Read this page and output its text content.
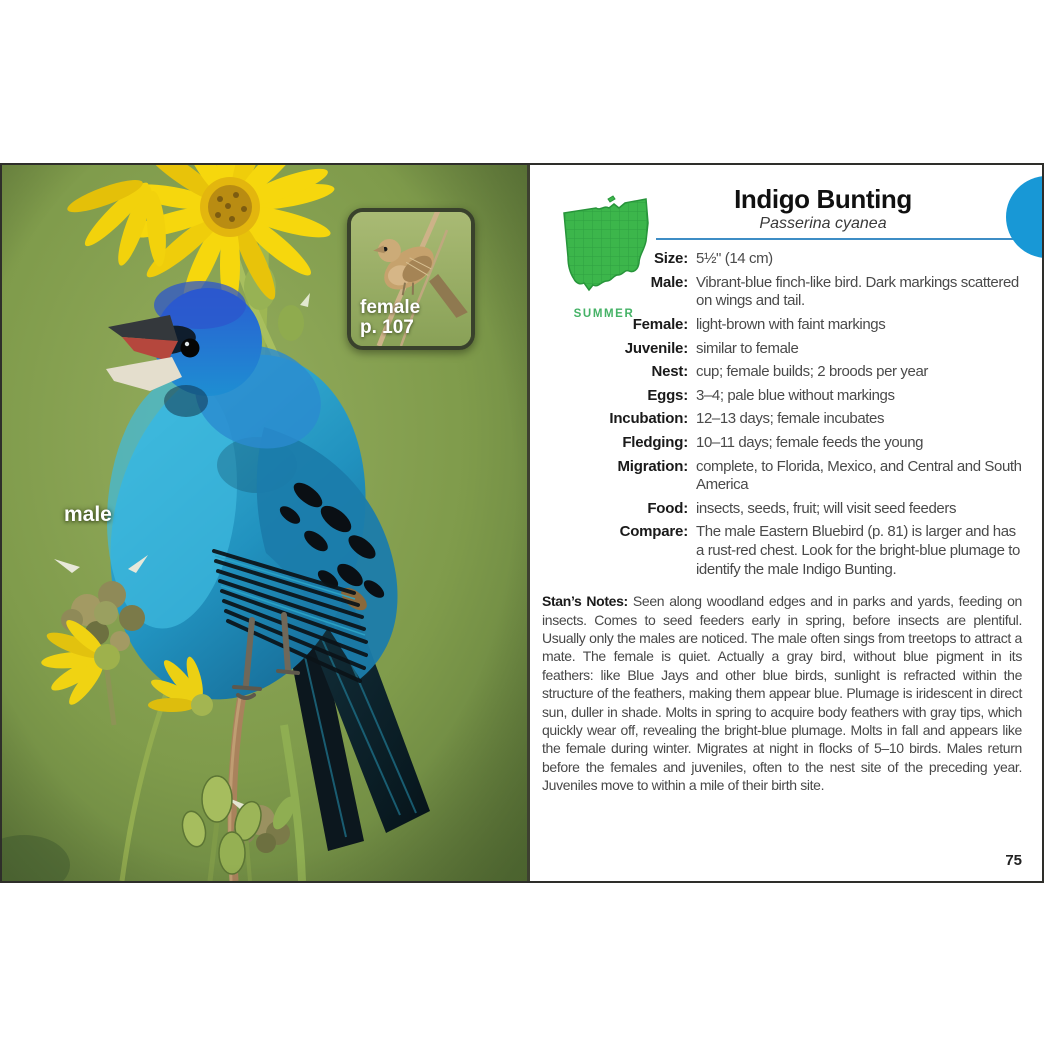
female
p. 107
male
SUMMER
Indigo Bunting
Passerina cyanea
Size: 5½" (14 cm)
Male: Vibrant-blue finch-like bird. Dark markings scattered on wings and tail.
Female: light-brown with faint markings
Juvenile: similar to female
Nest: cup; female builds; 2 broods per year
Eggs: 3–4; pale blue without markings
Incubation: 12–13 days; female incubates
Fledging: 10–11 days; female feeds the young
Migration: complete, to Florida, Mexico, and Central and South America
Food: insects, seeds, fruit; will visit seed feeders
Compare: The male Eastern Bluebird (p. 81) is larger and has a rust-red chest. Look for the bright-blue plumage to identify the male Indigo Bunting.

Stan’s Notes: Seen along woodland edges and in parks and yards, feeding on insects. Comes to seed feeders early in spring, before insects are plentiful. Usually only the males are noticed. The male often sings from treetops to attract a mate. The female is quiet. Actually a gray bird, without blue pigment in its feathers: like Blue Jays and other blue birds, sunlight is refracted within the structure of the feathers, making them appear blue. Plumage is iridescent in direct sun, duller in shade. Molts in spring to acquire body feathers with gray tips, which quickly wear off, revealing the bright-blue plumage. Molts in fall and appears like the female during winter. Migrates at night in flocks of 5–10 birds. Males return before the females and juveniles, often to the nest site of the preceding year. Juveniles move to within a mile of their birth site.

75
